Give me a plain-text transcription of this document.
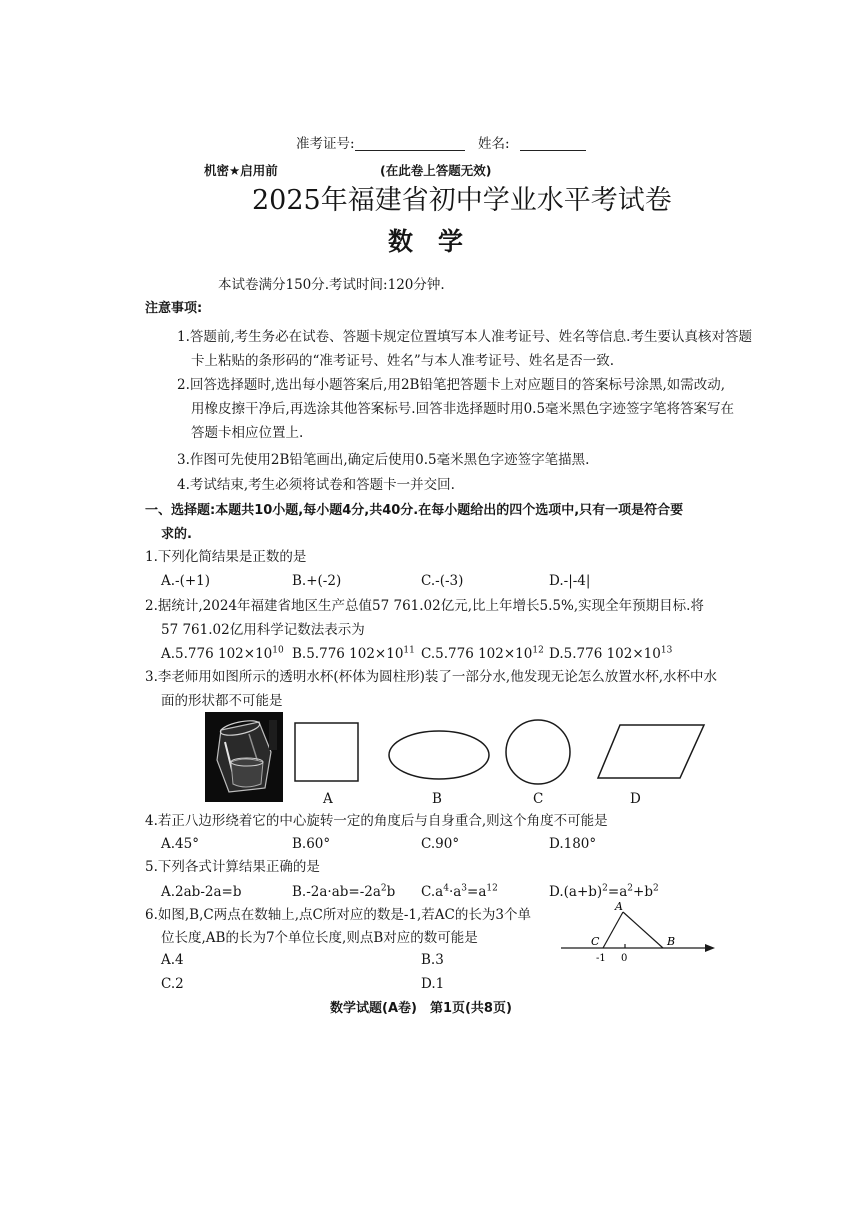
准考证号:	姓名:
机密★启用前	(在此卷上答题无效)
2025年福建省初中学业水平考试卷
数　学
本试卷满分150分.考试时间:120分钟.
注意事项:
1.答题前,考生务必在试卷、答题卡规定位置填写本人准考证号、姓名等信息.考生要认真核对答题
卡上粘贴的条形码的“准考证号、姓名”与本人准考证号、姓名是否一致.
2.回答选择题时,选出每小题答案后,用2B铅笔把答题卡上对应题目的答案标号涂黑,如需改动,
用橡皮擦干净后,再选涂其他答案标号.回答非选择题时用0.5毫米黑色字迹签字笔将答案写在
答题卡相应位置上.
3.作图可先使用2B铅笔画出,确定后使用0.5毫米黑色字迹签字笔描黑.
4.考试结束,考生必须将试卷和答题卡一并交回.
一、选择题:本题共10小题,每小题4分,共40分.在每小题给出的四个选项中,只有一项是符合要
求的.
1.下列化简结果是正数的是
A.-(+1)	B.+(-2)	C.-(-3)	D.-|-4|
2.据统计,2024年福建省地区生产总值57 761.02亿元,比上年增长5.5%,实现全年预期目标.将
57 761.02亿用科学记数法表示为
A.5.776 $102\times 10^{10}$ B.5.776 $102\times 10^{11}$ C.5.776 $102\times 10^{12}$ D.5.776 $102\times 10^{13}$
3.李老师用如图所示的透明水杯(杯体为圆柱形)装了一部分水,他发现无论怎么放置水杯,水杯中水
面的形状都不可能是
A	B	C	D
4.若正八边形绕着它的中心旋转一定的角度后与自身重合,则这个角度不可能是
A.45°	B.60°	C.90°	D.180°
5.下列各式计算结果正确的是
A.2ab-2a=b	$B.-2a\cdot ab=-2a^2b$ $C.a^4\cdot a^3=a^{12}$	$D.(a+b)^2=a^2+b^2$
6.如图,B,C两点在数轴上,点C所对应的数是-1,若AC的长为3个单
位长度,AB的长为7个单位长度,则点B对应的数可能是
A.4	B.3
C.2	D.1
A
C	B
-1 0
数学试题(A卷)　第1页(共8页)
